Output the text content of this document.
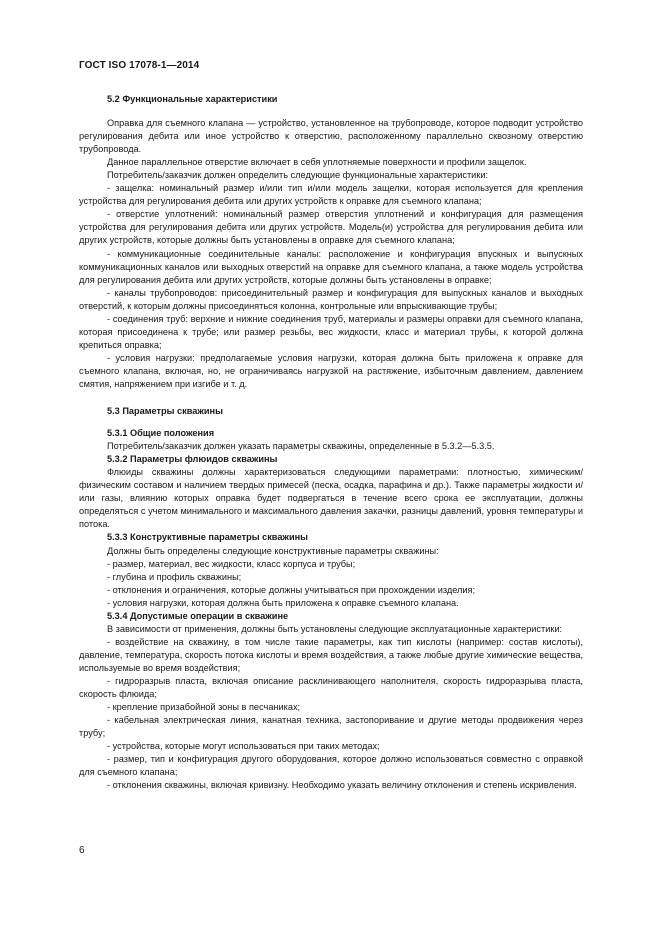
ГОСТ ISO 17078-1—2014

5.2 Функциональные характеристики

Оправка для съемного клапана — устройство, установленное на трубопроводе, которое подводит устройство регулирования дебита или иное устройство к отверстию, расположенному параллельно сквозному отверстию трубопровода.

Данное параллельное отверстие включает в себя уплотняемые поверхности и профили защелок.

Потребитель/заказчик должен определить следующие функциональные характеристики:

- защелка: номинальный размер и/или тип и/или модель защелки, которая используется для крепления устройства для регулирования дебита или других устройств к оправке для съемного клапана;

- отверстие уплотнений: номинальный размер отверстия уплотнений и конфигурация для размещения устройства для регулирования дебита или других устройств. Модель(и) устройства для регулирования дебита или других устройств, которые должны быть установлены в оправке для съемного клапана;

- коммуникационные соединительные каналы: расположение и конфигурация впускных и выпускных коммуникационных каналов или выходных отверстий на оправке для съемного клапана, а также модель устройства для регулирования дебита или других устройств, которые должны быть установлены в оправке;

- каналы трубопроводов: присоединительный размер и конфигурация для выпускных каналов и выходных отверстий, к которым должны присоединяться колонна, контрольные или впрыскивающие трубы;

- соединения труб: верхние и нижние соединения труб, материалы и размеры оправки для съемного клапана, которая присоединена к трубе; или размер резьбы, вес жидкости, класс и материал трубы, к которой должна крепиться оправка;

- условия нагрузки: предполагаемые условия нагрузки, которая должна быть приложена к оправке для съемного клапана, включая, но, не ограничиваясь нагрузкой на растяжение, избыточным давлением, давлением смятия, напряжением при изгибе и т. д.

5.3 Параметры скважины

5.3.1 Общие положения

Потребитель/заказчик должен указать параметры скважины, определенные в 5.3.2—5.3.5.

5.3.2 Параметры флюидов скважины

Флюиды скважины должны характеризоваться следующими параметрами: плотностью, химическим/физическим составом и наличием твердых примесей (песка, осадка, парафина и др.). Также параметры жидкости и/или газы, влиянию которых оправка будет подвергаться в течение всего срока ее эксплуатации, должны определяться с учетом минимального и максимального давления закачки, разницы давлений, уровня температуры и потока.

5.3.3 Конструктивные параметры скважины

Должны быть определены следующие конструктивные параметры скважины:

- размер, материал, вес жидкости, класс корпуса и трубы;

- глубина и профиль скважины;

- отклонения и ограничения, которые должны учитываться при прохождении изделия;

- условия нагрузки, которая должна быть приложена к оправке съемного клапана.

5.3.4 Допустимые операции в скважине

В зависимости от применения, должны быть установлены следующие эксплуатационные характеристики:

- воздействие на скважину, в том числе такие параметры, как тип кислоты (например: состав кислоты), давление, температура, скорость потока кислоты и время воздействия, а также любые другие химические вещества, используемые во время воздействия;

- гидроразрыв пласта, включая описание расклинивающего наполнителя, скорость гидроразрыва пласта, скорость флюида;

- крепление призабойной зоны в песчаниках;

- кабельная электрическая линия, канатная техника, застопоривание и другие методы продвижения через трубу;

- устройства, которые могут использоваться при таких методах;

- размер, тип и конфигурация другого оборудования, которое должно использоваться совместно с оправкой для съемного клапана;

- отклонения скважины, включая кривизну. Необходимо указать величину отклонения и степень искривления.

6
